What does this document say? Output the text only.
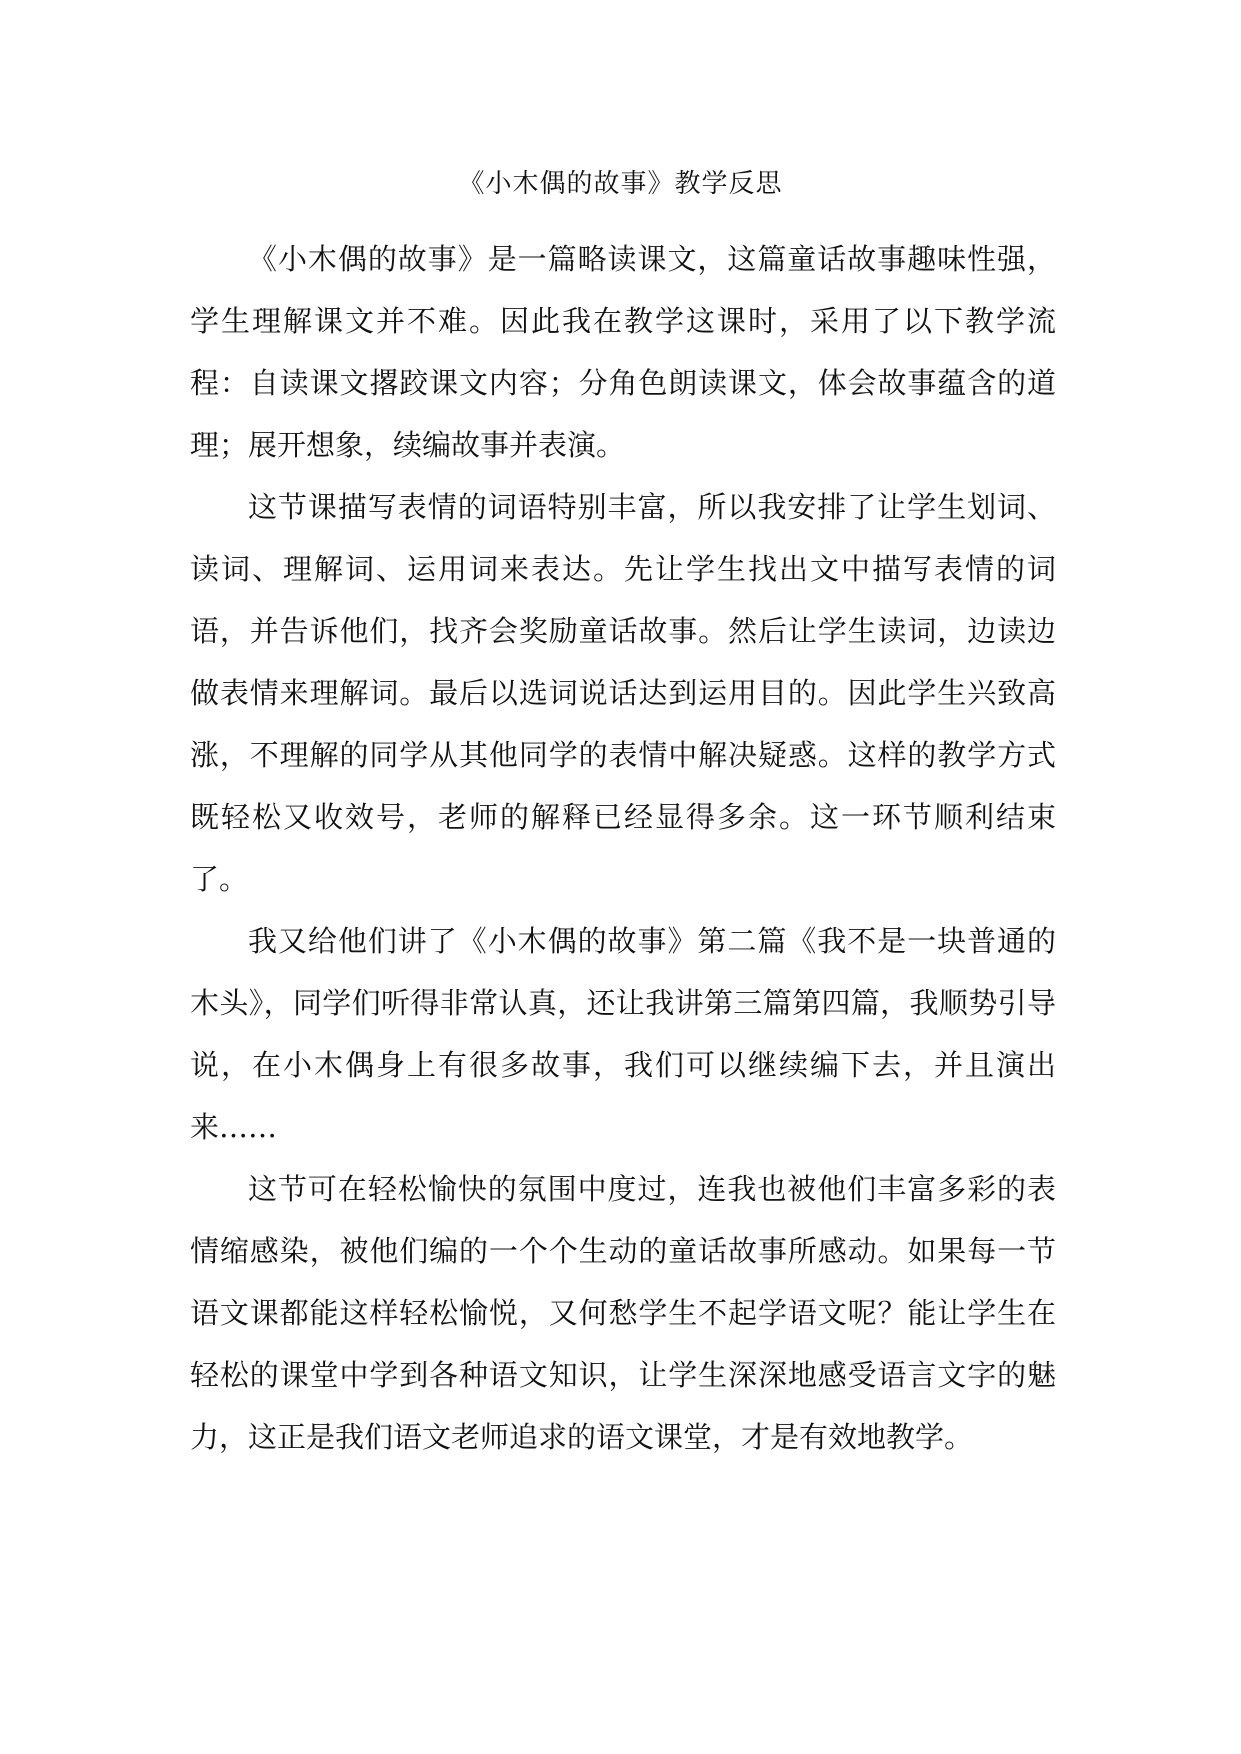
《小木偶的故事》教学反思

《小木偶的故事》是一篇略读课文，这篇童话故事趣味性强，学生理解课文并不难。因此我在教学这课时，采用了以下教学流程：自读课文撂跤课文内容；分角色朗读课文，体会故事蕴含的道理；展开想象，续编故事并表演。

这节课描写表情的词语特别丰富，所以我安排了让学生划词、读词、理解词、运用词来表达。先让学生找出文中描写表情的词语，并告诉他们，找齐会奖励童话故事。然后让学生读词，边读边做表情来理解词。最后以选词说话达到运用目的。因此学生兴致高涨，不理解的同学从其他同学的表情中解决疑惑。这样的教学方式既轻松又收效号，老师的解释已经显得多余。这一环节顺利结束了。

我又给他们讲了《小木偶的故事》第二篇《我不是一块普通的木头》，同学们听得非常认真，还让我讲第三篇第四篇，我顺势引导说，在小木偶身上有很多故事，我们可以继续编下去，并且演出来……

这节可在轻松愉快的氛围中度过，连我也被他们丰富多彩的表情缩感染，被他们编的一个个生动的童话故事所感动。如果每一节语文课都能这样轻松愉悦，又何愁学生不起学语文呢？能让学生在轻松的课堂中学到各种语文知识，让学生深深地感受语言文字的魅力，这正是我们语文老师追求的语文课堂，才是有效地教学。
